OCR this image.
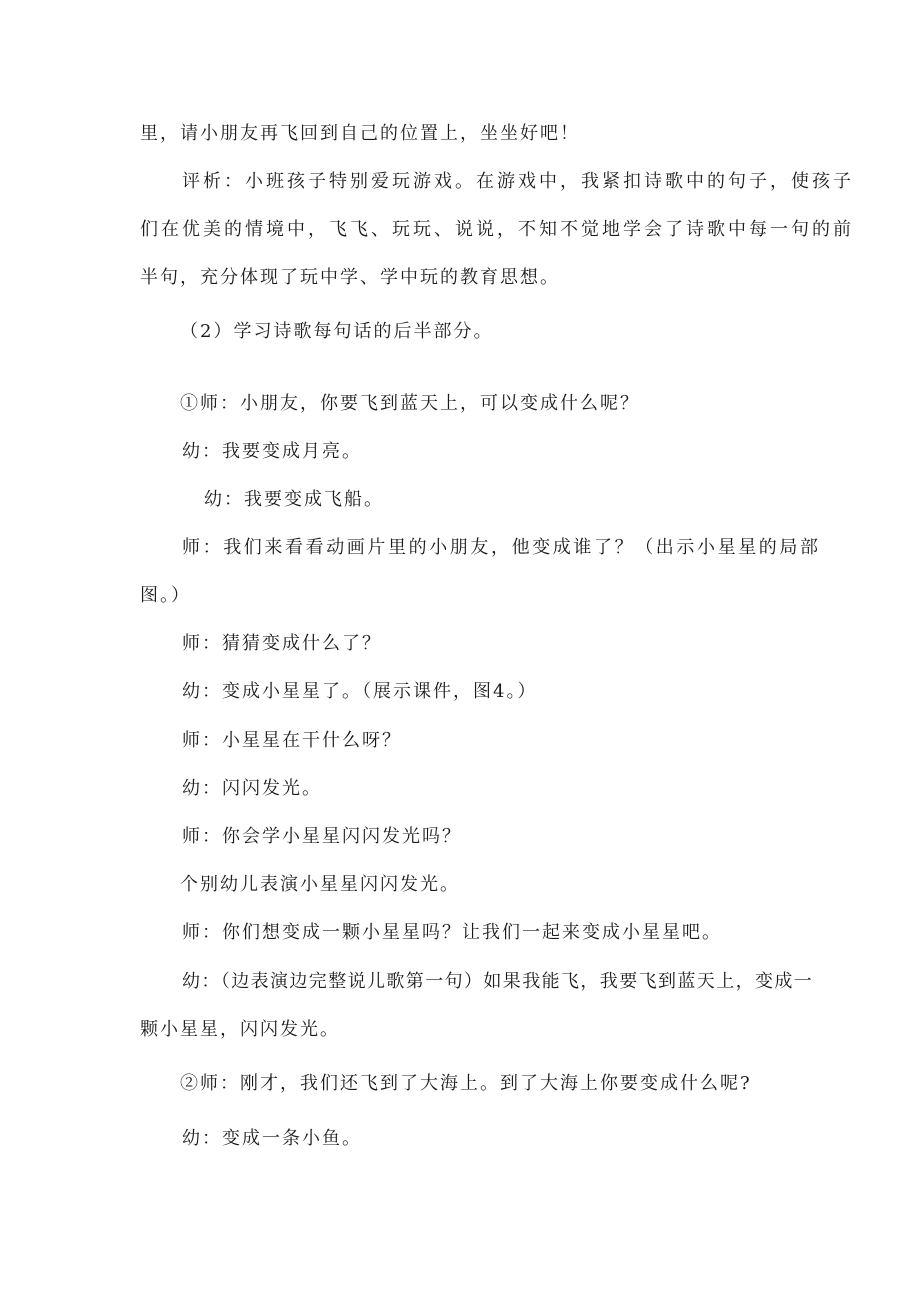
里，请小朋友再飞回到自己的位置上，坐坐好吧！
评析：小班孩子特别爱玩游戏。在游戏中，我紧扣诗歌中的句子，使孩子
们在优美的情境中，飞飞、玩玩、说说，不知不觉地学会了诗歌中每一句的前
半句，充分体现了玩中学、学中玩的教育思想。
（2）学习诗歌每句话的后半部分。
①师：小朋友，你要飞到蓝天上，可以变成什么呢？
幼：我要变成月亮。
幼：我要变成飞船。
师：我们来看看动画片里的小朋友，他变成谁了？（出示小星星的局部
图。）
师：猜猜变成什么了？
幼：变成小星星了。（展示课件，图4。）
师：小星星在干什么呀？
幼：闪闪发光。
师：你会学小星星闪闪发光吗？
个别幼儿表演小星星闪闪发光。
师：你们想变成一颗小星星吗？让我们一起来变成小星星吧。
幼：（边表演边完整说儿歌第一句）如果我能飞，我要飞到蓝天上，变成一
颗小星星，闪闪发光。
②师：刚才，我们还飞到了大海上。到了大海上你要变成什么呢?
幼：变成一条小鱼。
